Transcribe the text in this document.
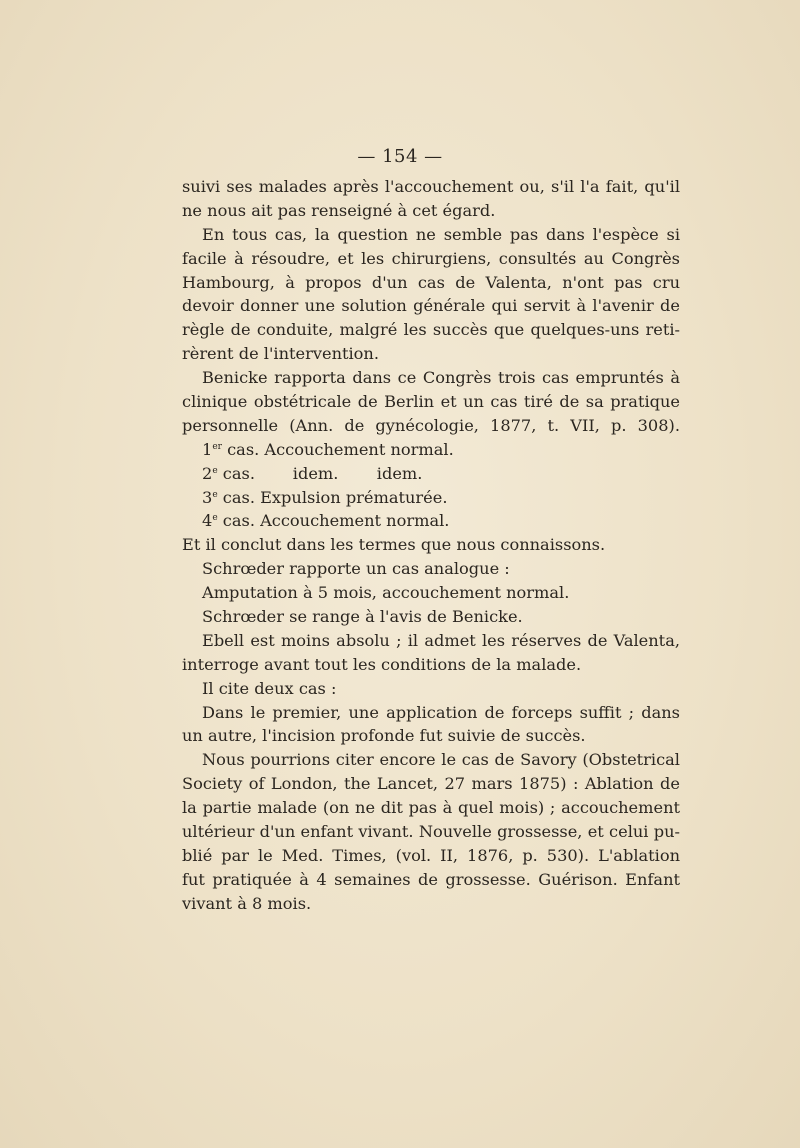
— 154 —
suivi ses malades après l'accouchement ou, s'il l'a fait, qu'il
ne nous ait pas renseigné à cet égard.
En tous cas, la question ne semble pas dans l'espèce si
facile à résoudre, et les chirurgiens, consultés au Congrès
Hambourg, à propos d'un cas de Valenta, n'ont pas cru
devoir donner une solution générale qui servit à l'avenir de
règle de conduite, malgré les succès que quelques-uns reti-
rèrent de l'intervention.
Benicke rapporta dans ce Congrès trois cas empruntés à
clinique obstétricale de Berlin et un cas tiré de sa pratique
personnelle (Ann. de gynécologie, 1877, t. VII, p. 308).
1er cas. Accouchement normal.
2e cas. idem. idem.
3e cas. Expulsion prématurée.
4e cas. Accouchement normal.
Et il conclut dans les termes que nous connaissons.
Schrœder rapporte un cas analogue :
Amputation à 5 mois, accouchement normal.
Schrœder se range à l'avis de Benicke.
Ebell est moins absolu ; il admet les réserves de Valenta,
interroge avant tout les conditions de la malade.
Il cite deux cas :
Dans le premier, une application de forceps suffit ; dans
un autre, l'incision profonde fut suivie de succès.
Nous pourrions citer encore le cas de Savory (Obstetrical
Society of London, the Lancet, 27 mars 1875) : Ablation de
la partie malade (on ne dit pas à quel mois) ; accouchement
ultérieur d'un enfant vivant. Nouvelle grossesse, et celui pu-
blié par le Med. Times, (vol. II, 1876, p. 530). L'ablation
fut pratiquée à 4 semaines de grossesse. Guérison. Enfant
vivant à 8 mois.
